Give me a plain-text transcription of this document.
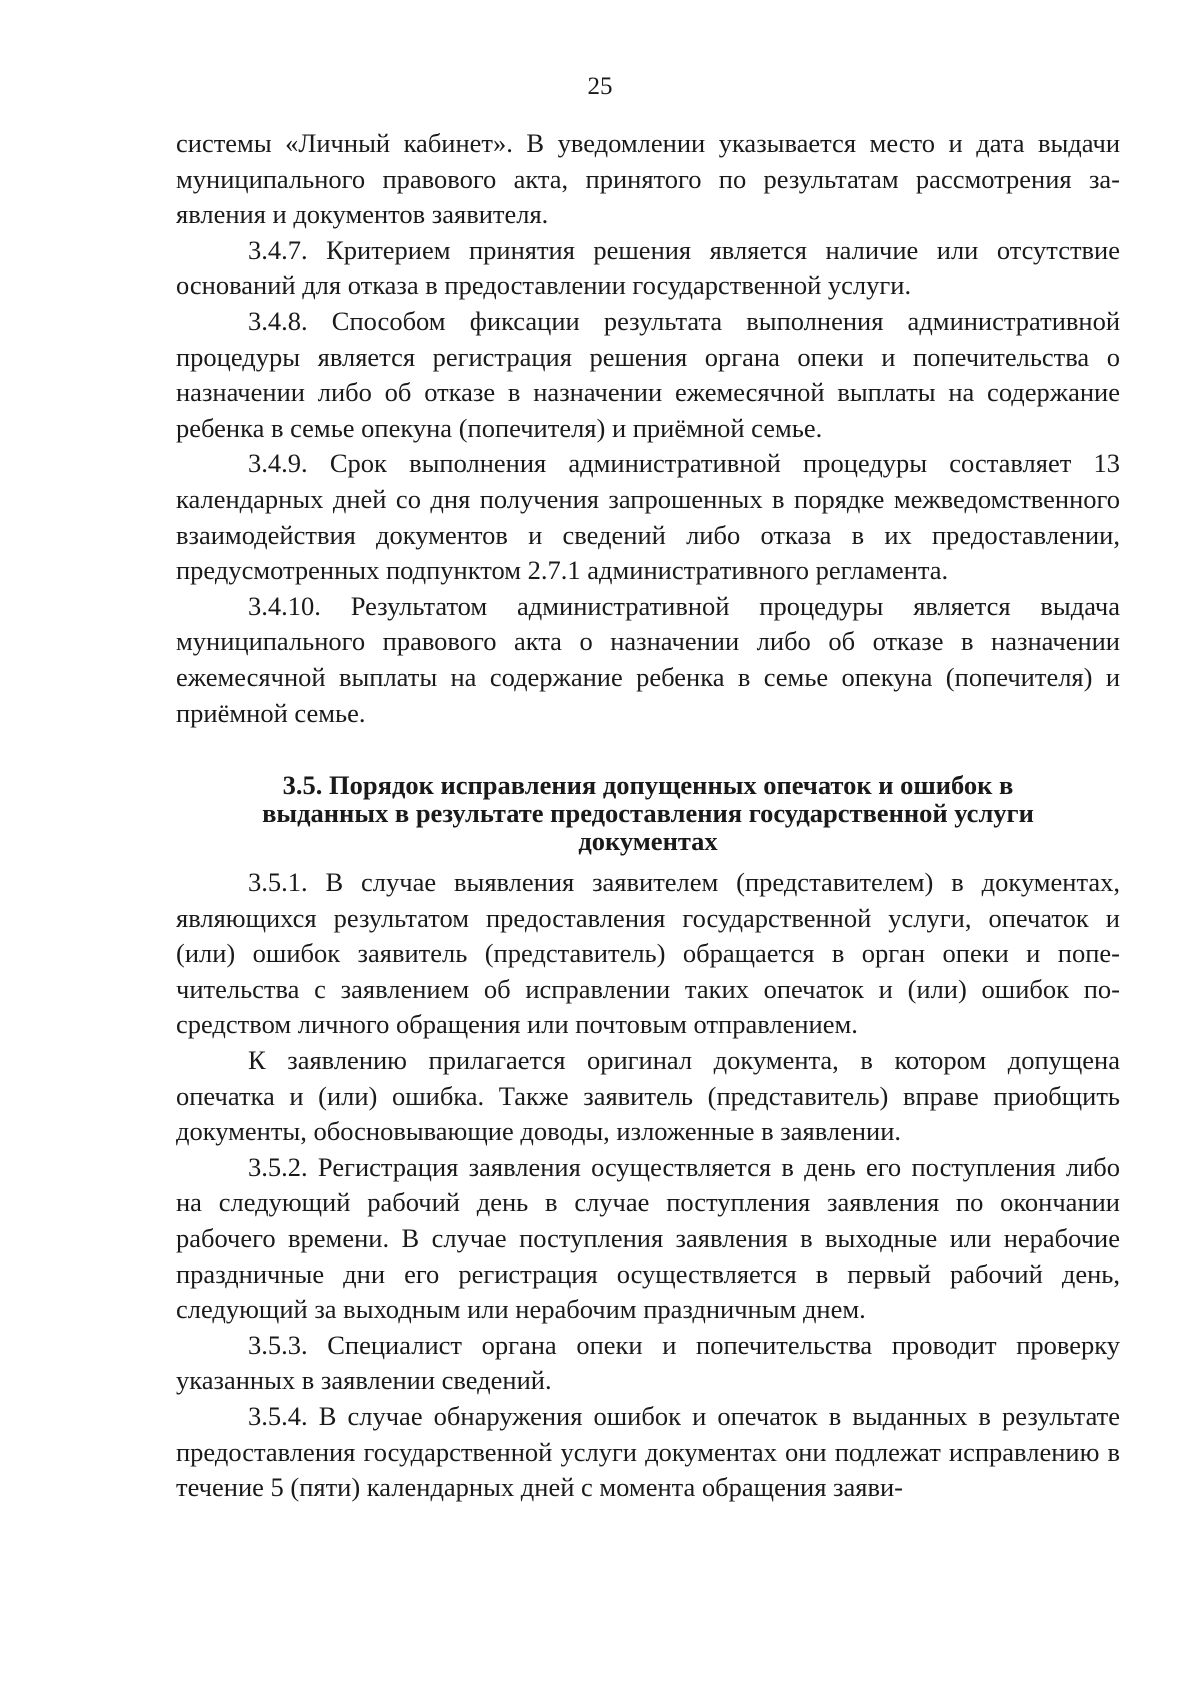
25

системы «Личный кабинет». В уведомлении указывается место и дата выдачи муниципального правового акта, принятого по результатам рассмотрения заявления и документов заявителя.

3.4.7. Критерием принятия решения является наличие или отсутствие оснований для отказа в предоставлении государственной услуги.

3.4.8. Способом фиксации результата выполнения административной процедуры является регистрация решения органа опеки и попечительства о назначении либо об отказе в назначении ежемесячной выплаты на содержание ребенка в семье опекуна (попечителя) и приёмной семье.

3.4.9. Срок выполнения административной процедуры составляет 13 календарных дней со дня получения запрошенных в порядке межведомственного взаимодействия документов и сведений либо отказа в их предоставлении, предусмотренных подпунктом 2.7.1 административного регламента.

3.4.10. Результатом административной процедуры является выдача муниципального правового акта о назначении либо об отказе в назначении ежемесячной выплаты на содержание ребенка в семье опекуна (попечителя) и приёмной семье.

3.5. Порядок исправления допущенных опечаток и ошибок в
выданных в результате предоставления государственной услуги
документах

3.5.1. В случае выявления заявителем (представителем) в документах, являющихся результатом предоставления государственной услуги, опечаток и (или) ошибок заявитель (представитель) обращается в орган опеки и попечительства с заявлением об исправлении таких опечаток и (или) ошибок посредством личного обращения или почтовым отправлением.

К заявлению прилагается оригинал документа, в котором допущена опечатка и (или) ошибка. Также заявитель (представитель) вправе приобщить документы, обосновывающие доводы, изложенные в заявлении.

3.5.2. Регистрация заявления осуществляется в день его поступления либо на следующий рабочий день в случае поступления заявления по окончании рабочего времени. В случае поступления заявления в выходные или нерабочие праздничные дни его регистрация осуществляется в первый рабочий день, следующий за выходным или нерабочим праздничным днем.

3.5.3. Специалист органа опеки и попечительства проводит проверку указанных в заявлении сведений.

3.5.4. В случае обнаружения ошибок и опечаток в выданных в результате предоставления государственной услуги документах они подлежат исправлению в течение 5 (пяти) календарных дней с момента обращения заяви-
